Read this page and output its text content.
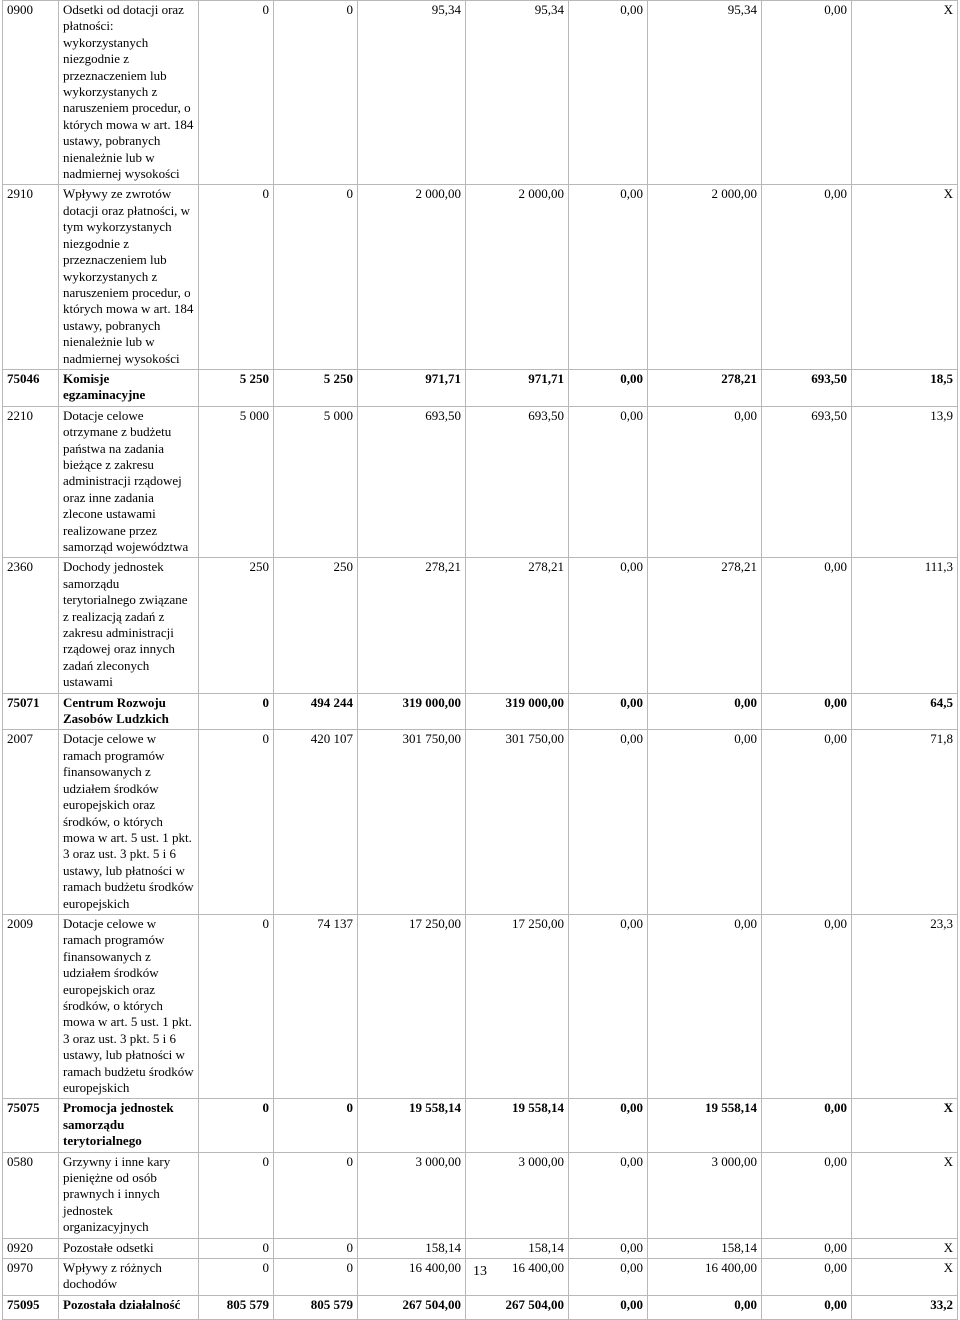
0900	Odsetki od dotacji oraz płatności: wykorzystanych niezgodnie z przeznaczeniem lub wykorzystanych z naruszeniem procedur, o których mowa w art. 184 ustawy, pobranych nienależnie lub w nadmiernej wysokości	0	0	95,34	95,34	0,00	95,34	0,00	X
2910	Wpływy ze zwrotów dotacji oraz płatności, w tym wykorzystanych niezgodnie z przeznaczeniem lub wykorzystanych z naruszeniem procedur, o których mowa w art. 184 ustawy, pobranych nienależnie lub w nadmiernej wysokości	0	0	2 000,00	2 000,00	0,00	2 000,00	0,00	X
75046	Komisje egzaminacyjne	5 250	5 250	971,71	971,71	0,00	278,21	693,50	18,5
2210	Dotacje celowe otrzymane z budżetu państwa na zadania bieżące z zakresu administracji rządowej oraz inne zadania zlecone ustawami realizowane przez samorząd województwa	5 000	5 000	693,50	693,50	0,00	0,00	693,50	13,9
2360	Dochody jednostek samorządu terytorialnego związane z realizacją zadań z zakresu administracji rządowej oraz innych zadań zleconych ustawami	250	250	278,21	278,21	0,00	278,21	0,00	111,3
75071	Centrum Rozwoju Zasobów Ludzkich	0	494 244	319 000,00	319 000,00	0,00	0,00	0,00	64,5
2007	Dotacje celowe w ramach programów finansowanych z udziałem środków europejskich oraz środków, o których mowa w art. 5 ust. 1 pkt. 3 oraz ust. 3 pkt. 5 i 6 ustawy, lub płatności w ramach budżetu środków europejskich	0	420 107	301 750,00	301 750,00	0,00	0,00	0,00	71,8
2009	Dotacje celowe w ramach programów finansowanych z udziałem środków europejskich oraz środków, o których mowa w art. 5 ust. 1 pkt. 3 oraz ust. 3 pkt. 5 i 6 ustawy, lub płatności w ramach budżetu środków europejskich	0	74 137	17 250,00	17 250,00	0,00	0,00	0,00	23,3
75075	Promocja jednostek samorządu terytorialnego	0	0	19 558,14	19 558,14	0,00	19 558,14	0,00	X
0580	Grzywny i inne kary pieniężne od osób prawnych i innych jednostek organizacyjnych	0	0	3 000,00	3 000,00	0,00	3 000,00	0,00	X
0920	Pozostałe odsetki	0	0	158,14	158,14	0,00	158,14	0,00	X
0970	Wpływy z różnych dochodów	0	0	16 400,00	16 400,00	0,00	16 400,00	0,00	X
75095	Pozostała działalność	805 579	805 579	267 504,00	267 504,00	0,00	0,00	0,00	33,2
13
